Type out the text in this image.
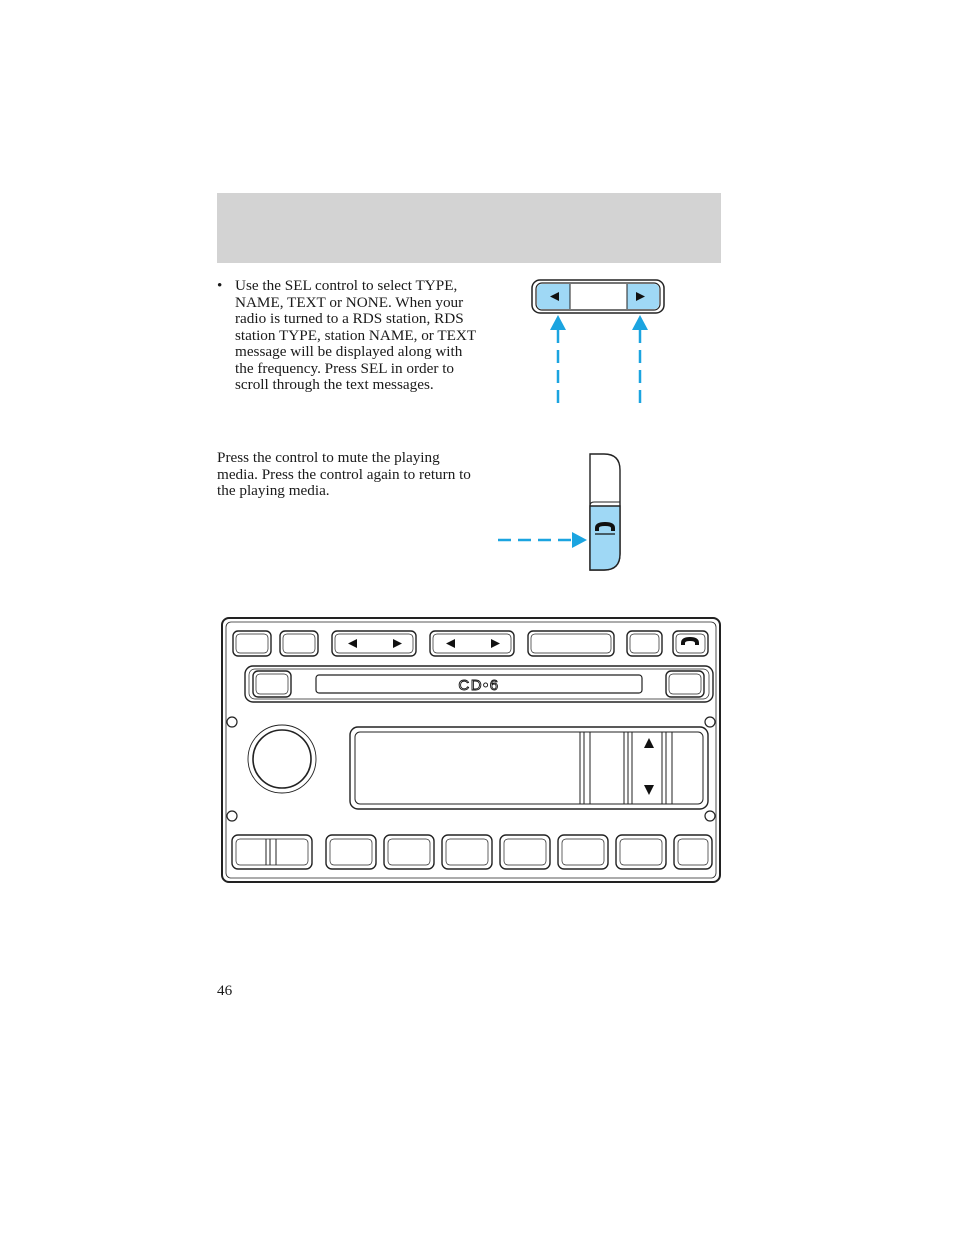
• Use the SEL control to select TYPE, NAME, TEXT or NONE. When your radio is turned to a RDS station, RDS station TYPE, station NAME, or TEXT message will be displayed along with the frequency. Press SEL in order to scroll through the text messages.
Press the control to mute the playing media. Press the control again to return to the playing media.
CD•6
46
